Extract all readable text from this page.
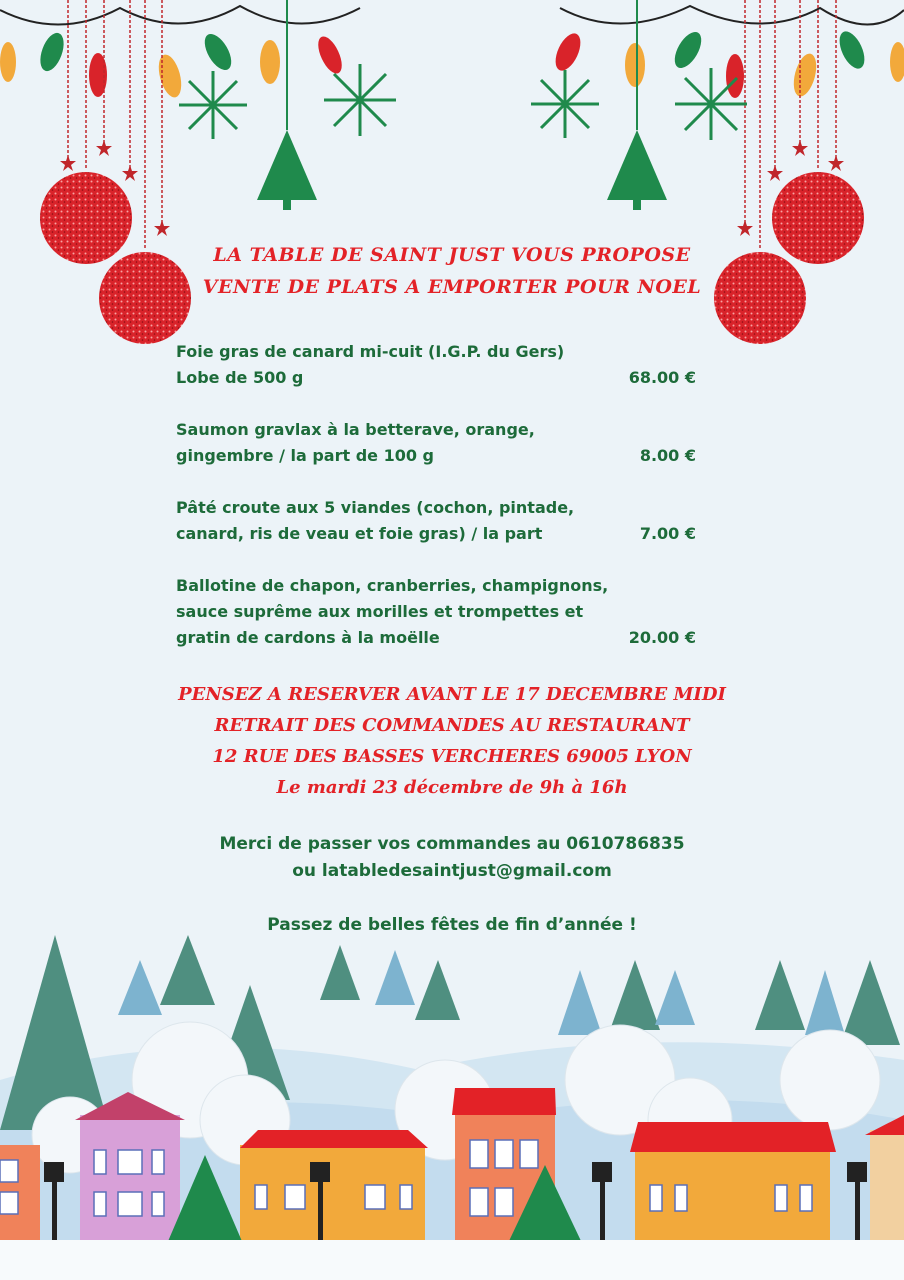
LA TABLE DE SAINT JUST VOUS PROPOSE
VENTE DE PLATS A EMPORTER POUR NOEL
Foie gras de canard mi-cuit (I.G.P. du Gers)
Lobe de 500 g	68.00 €
Saumon gravlax à la betterave, orange,
gingembre / la part de 100 g	8.00 €
Pâté croute aux 5 viandes (cochon, pintade,
canard, ris de veau et foie gras) / la part	7.00 €
Ballotine de chapon, cranberries, champignons,
sauce suprême aux morilles et trompettes et
gratin de cardons à la moëlle	20.00 €
PENSEZ A RESERVER AVANT LE 17 DECEMBRE MIDI
RETRAIT DES COMMANDES AU RESTAURANT
12 RUE DES BASSES VERCHERES 69005 LYON
Le mardi 23 décembre de 9h à 16h
Merci de passer vos commandes au 0610786835
ou latabledesaintjust@gmail.com
Passez de belles fêtes de fin d’année !
